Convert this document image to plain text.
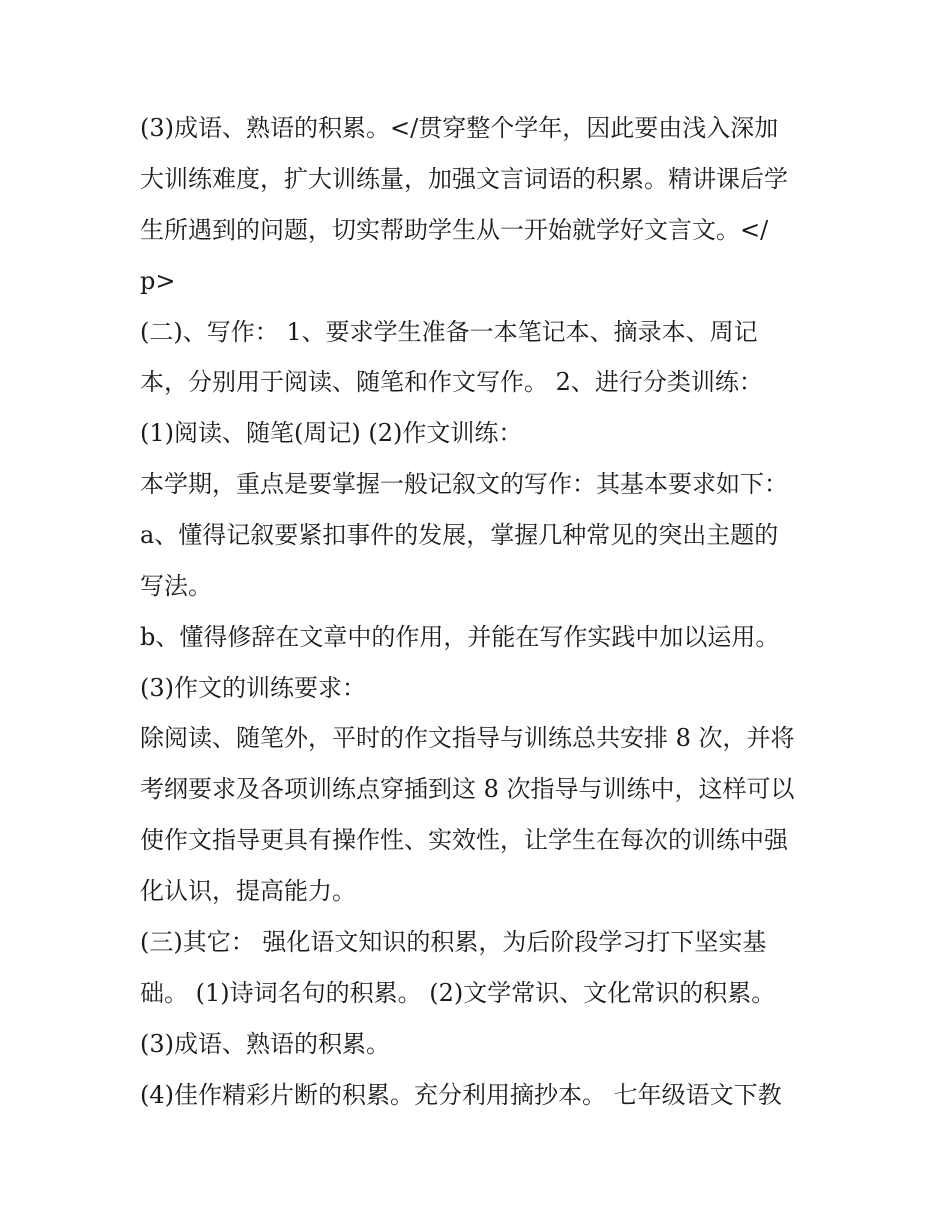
(3)成语、熟语的积累。</贯穿整个学年，因此要由浅入深加
大训练难度，扩大训练量，加强文言词语的积累。精讲课后学
生所遇到的问题，切实帮助学生从一开始就学好文言文。</
p>
(二)、写作： 1、要求学生准备一本笔记本、摘录本、周记
本，分别用于阅读、随笔和作文写作。 2、进行分类训练：
(1)阅读、随笔(周记) (2)作文训练：
本学期，重点是要掌握一般记叙文的写作：其基本要求如下：
a、懂得记叙要紧扣事件的发展，掌握几种常见的突出主题的
写法。
b、懂得修辞在文章中的作用，并能在写作实践中加以运用。
(3)作文的训练要求：
除阅读、随笔外，平时的作文指导与训练总共安排 8 次，并将
考纲要求及各项训练点穿插到这 8 次指导与训练中，这样可以
使作文指导更具有操作性、实效性，让学生在每次的训练中强
化认识，提高能力。
(三)其它： 强化语文知识的积累，为后阶段学习打下坚实基
础。 (1)诗词名句的积累。 (2)文学常识、文化常识的积累。
(3)成语、熟语的积累。
(4)佳作精彩片断的积累。充分利用摘抄本。 七年级语文下教
